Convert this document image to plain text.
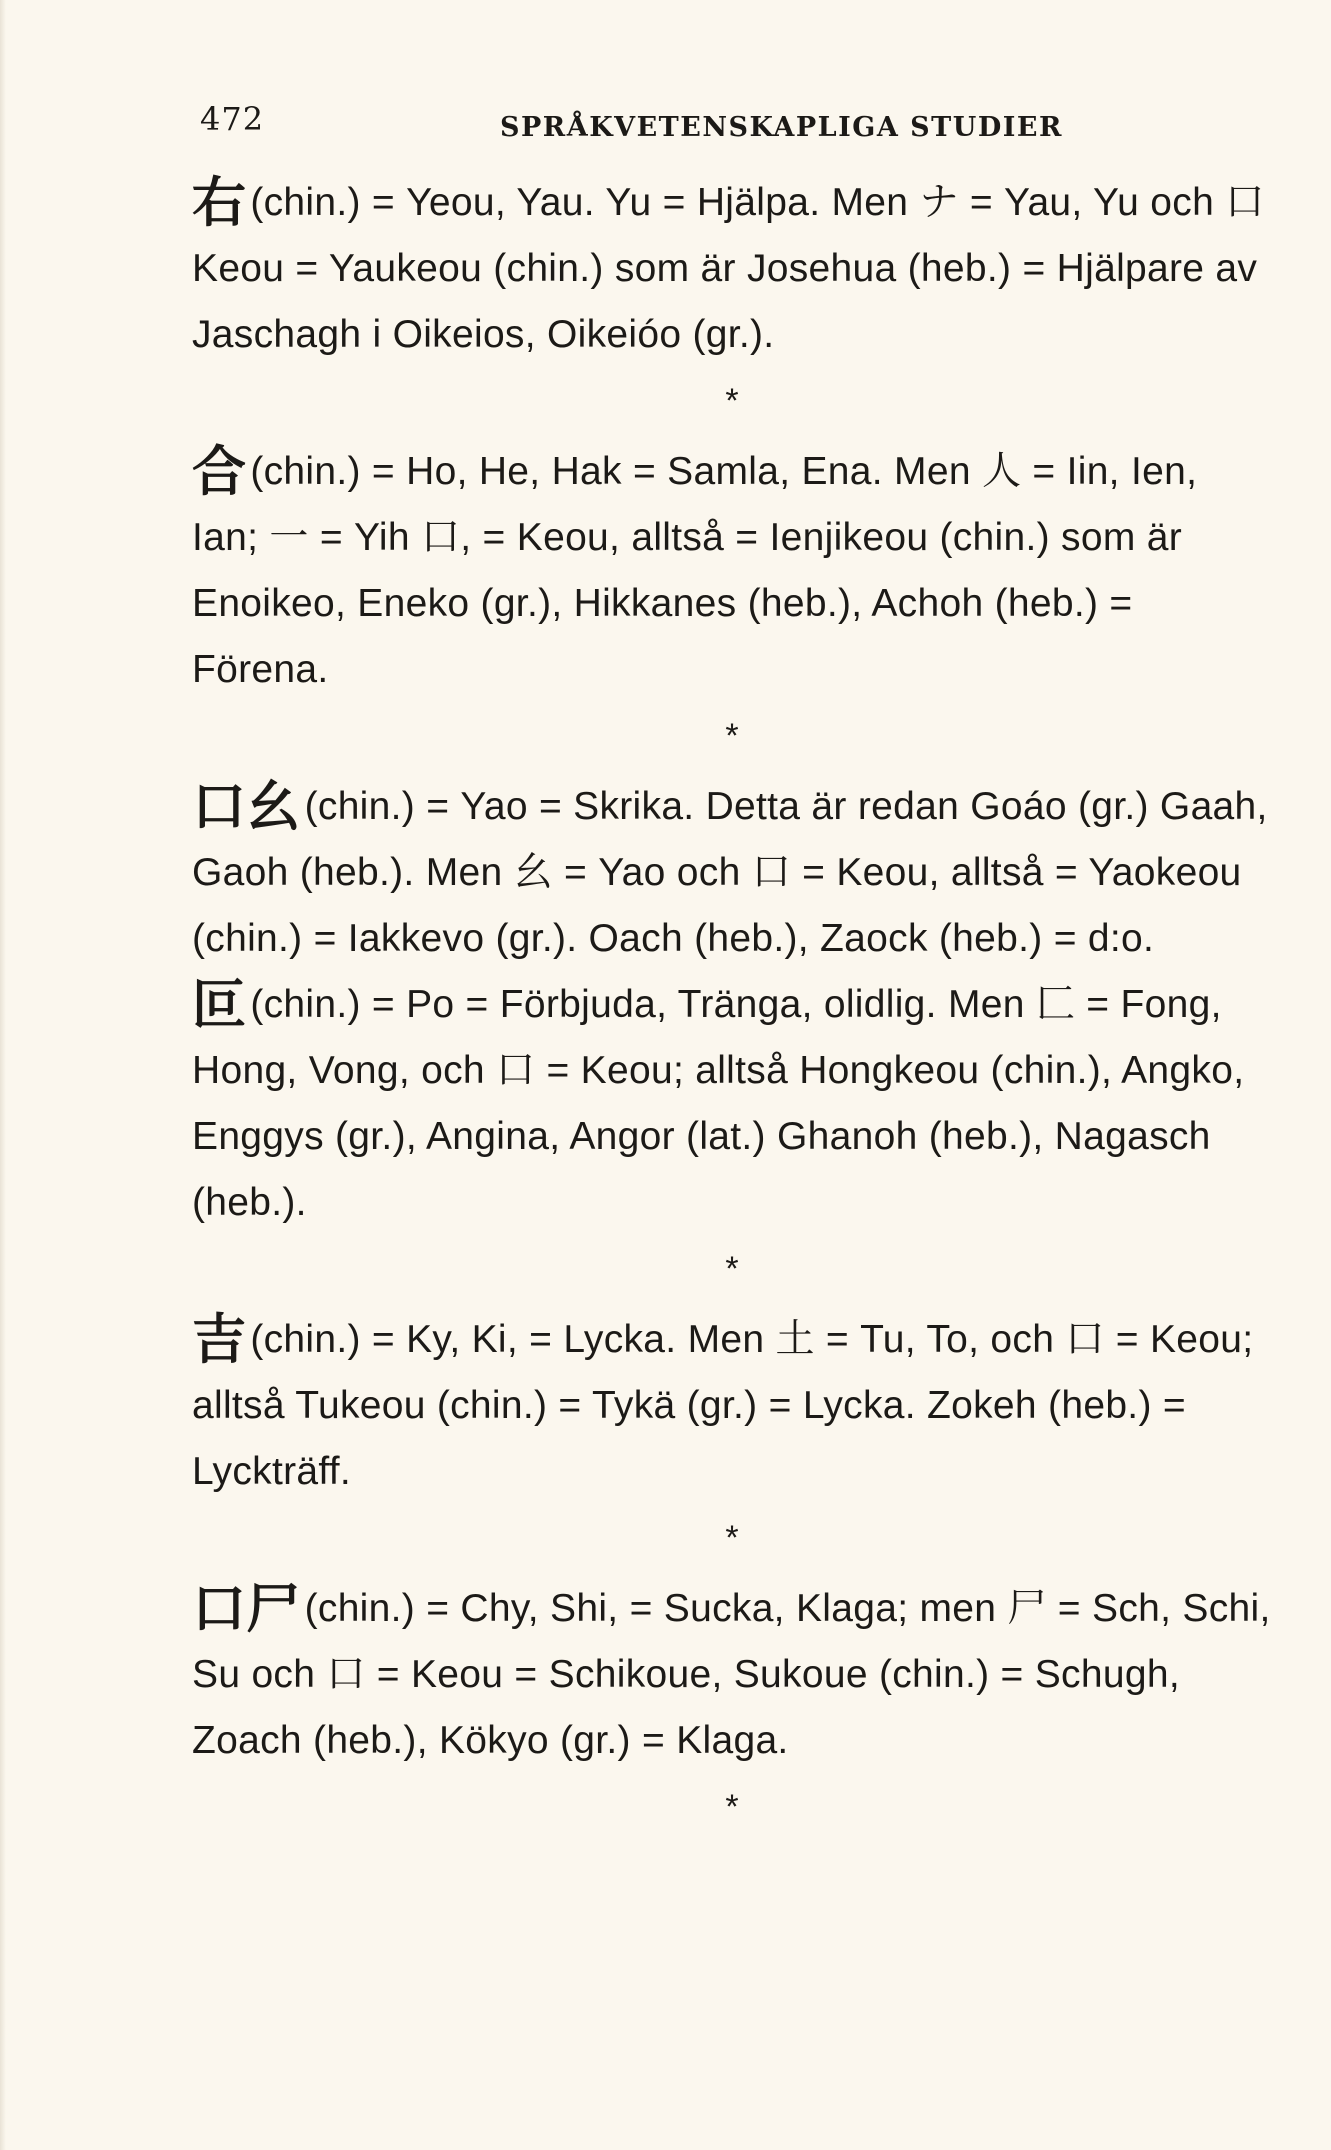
472	SPRÅKVETENSKAPLIGA STUDIER

右 (chin.) = Yeou, Yau. Yu = Hjälpa. Men ナ = Yau, Yu och 口 Keou = Yaukeou (chin.) som är Josehua (heb.) = Hjälpare av Jaschagh i Oikeios, Oikeióo (gr.).

*

合 (chin.) = Ho, He, Hak = Samla, Ena. Men 人 = Iin, Ien, Ian; 一 = Yih 口, = Keou, alltså = Ienjikeou (chin.) som är Enoikeo, Eneko (gr.), Hikkanes (heb.), Achoh (heb.) = Förena.

*

口幺 (chin.) = Yao = Skrika. Detta är redan Goáo (gr.) Gaah, Gaoh (heb.). Men 幺 = Yao och 口 = Keou, alltså = Yaokeou (chin.) = Iakkevo (gr.). Oach (heb.), Zaock (heb.) = d:o.

叵 (chin.) = Po = Förbjuda, Tränga, olidlig. Men 匚 = Fong, Hong, Vong, och 口 = Keou; alltså Hongkeou (chin.), Angko, Enggys (gr.), Angina, Angor (lat.) Ghanoh (heb.), Nagasch (heb.).

*

吉 (chin.) = Ky, Ki, = Lycka. Men 土 = Tu, To, och 口 = Keou; alltså Tukeou (chin.) = Tykä (gr.) = Lycka. Zokeh (heb.) = Lyckträff.

*

口尸 (chin.) = Chy, Shi, = Sucka, Klaga; men 尸 = Sch, Schi, Su och 口 = Keou = Schikoue, Sukoue (chin.) = Schugh, Zoach (heb.), Kökyo (gr.) = Klaga.

*
